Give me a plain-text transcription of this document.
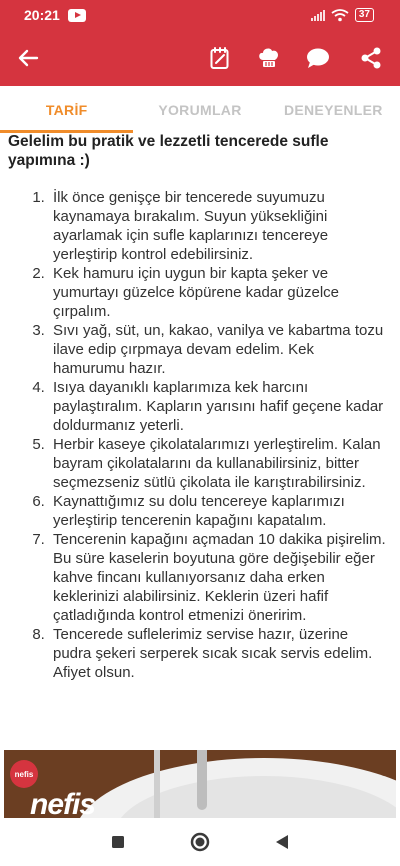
20:21	37
TARİF	YORUMLAR	DENEYENLER

Gelelim bu pratik ve lezzetli tencerede sufle yapımına :)

1. İlk önce genişçe bir tencerede suyumuzu kaynamaya bırakalım. Suyun yüksekliğini ayarlamak için sufle kaplarınızı tencereye yerleştirip kontrol edebilirsiniz.
2. Kek hamuru için uygun bir kapta şeker ve yumurtayı güzelce köpürene kadar güzelce çırpalım.
3. Sıvı yağ, süt, un, kakao, vanilya ve kabartma tozu ilave edip çırpmaya devam edelim. Kek hamurumu hazır.
4. Isıya dayanıklı kaplarımıza kek harcını paylaştıralım. Kapların yarısını hafif geçene kadar doldurmanız yeterli.
5. Herbir kaseye çikolatalarımızı yerleştirelim. Kalan bayram çikolatalarını da kullanabilirsiniz, bitter seçmezseniz sütlü çikolata ile karıştırabilirsiniz.
6. Kaynattığımız su dolu tencereye kaplarımızı yerleştirip tencerenin kapağını kapatalım.
7. Tencerenin kapağını açmadan 10 dakika pişirelim. Bu süre kaselerin boyutuna göre değişebilir eğer kahve fincanı kullanıyorsanız daha erken keklerinizi alabilirsiniz. Keklerin üzeri hafif çatladığında kontrol etmenizi öneririm.
8. Tencerede suflelerimiz servise hazır, üzerine pudra şekeri serperek sıcak sıcak servis edelim. Afiyet olsun.
nefis
nefis
